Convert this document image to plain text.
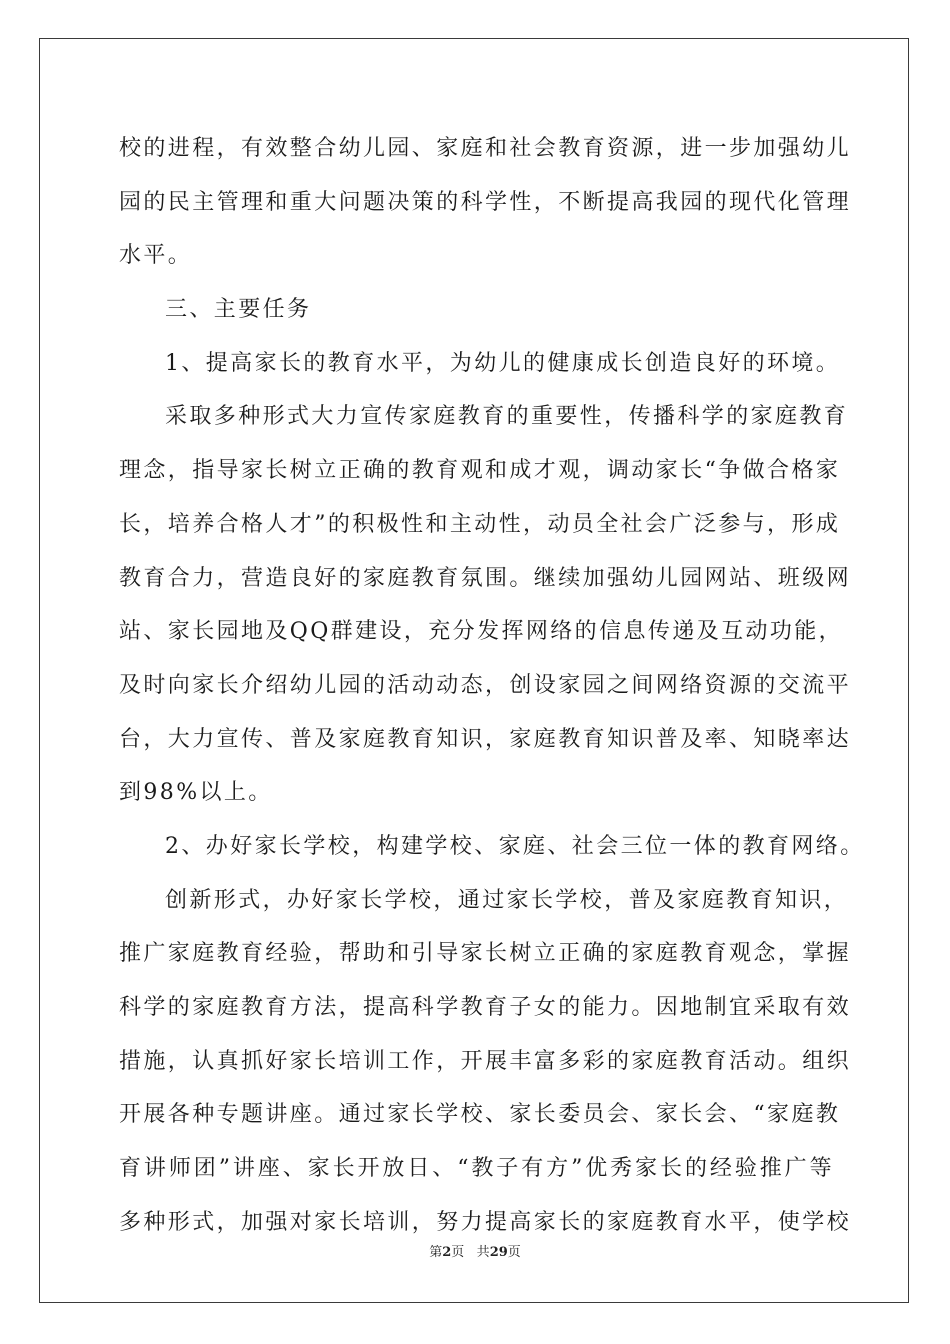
校的进程，有效整合幼儿园、家庭和社会教育资源，进一步加强幼儿
园的民主管理和重大问题决策的科学性，不断提高我园的现代化管理
水平。
三、主要任务
1、提高家长的教育水平，为幼儿的健康成长创造良好的环境。
采取多种形式大力宣传家庭教育的重要性，传播科学的家庭教育
理念，指导家长树立正确的教育观和成才观，调动家长“争做合格家
长，培养合格人才”的积极性和主动性，动员全社会广泛参与，形成
教育合力，营造良好的家庭教育氛围。继续加强幼儿园网站、班级网
站、家长园地及QQ群建设，充分发挥网络的信息传递及互动功能，
及时向家长介绍幼儿园的活动动态，创设家园之间网络资源的交流平
台，大力宣传、普及家庭教育知识，家庭教育知识普及率、知晓率达
到98%以上。
2、办好家长学校，构建学校、家庭、社会三位一体的教育网络。
创新形式，办好家长学校，通过家长学校，普及家庭教育知识，
推广家庭教育经验，帮助和引导家长树立正确的家庭教育观念，掌握
科学的家庭教育方法，提高科学教育子女的能力。因地制宜采取有效
措施，认真抓好家长培训工作，开展丰富多彩的家庭教育活动。组织
开展各种专题讲座。通过家长学校、家长委员会、家长会、“家庭教
育讲师团”讲座、家长开放日、“教子有方”优秀家长的经验推广等
多种形式，加强对家长培训，努力提高家长的家庭教育水平，使学校
第2页 共29页
